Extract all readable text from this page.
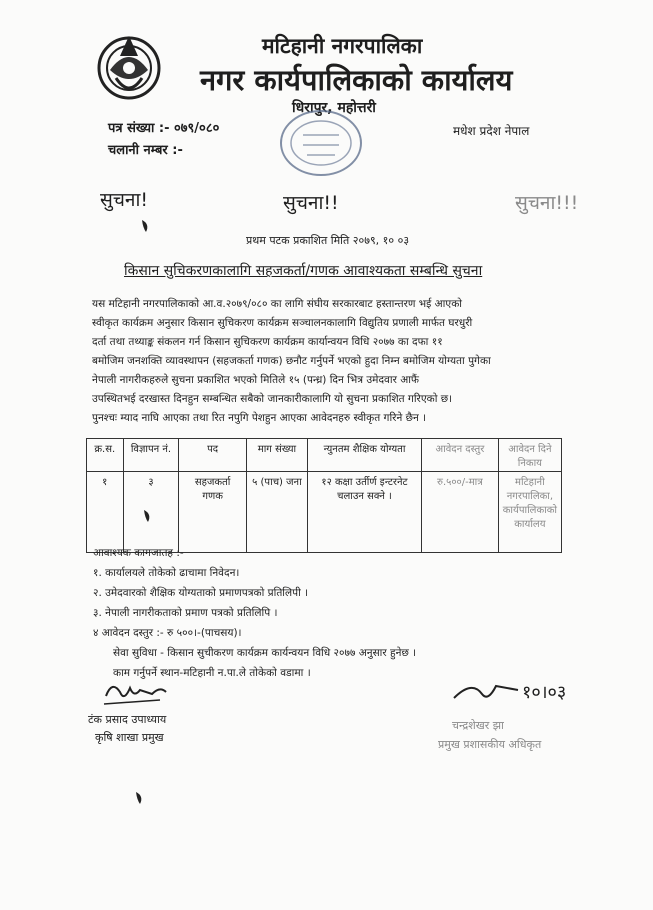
मटिहानी नगरपालिका
नगर कार्यपालिकाको कार्यालय
धिरापुर, महोत्तरी
मधेश प्रदेश नेपाल
पत्र संख्या :- ०७९/०८०
चलानी नम्बर :-
सुचना!	सुचना!!	सुचना!!!
प्रथम पटक प्रकाशित मिति २०७९, १० ०३
किसान सुचिकरणकालागि सहजकर्ता/गणक आवाश्यकता सम्बन्धि सुचना

यस मटिहानी नगरपालिकाको आ.व.२०७९/०८० का लागि संघीय सरकारबाट हस्तान्तरण भई आएको

स्वीकृत कार्यक्रम अनुसार किसान सुचिकरण कार्यक्रम सञ्चालनकालागि विद्युतिय प्रणाली मार्फत घरधुरी

दर्ता तथा तथ्याङ्क संकलन गर्न किसान सुचिकरण कार्यक्रम कार्यान्वयन विधि २०७७ का दफा ११

बमोजिम जनशक्ति व्यावस्थापन (सहजकर्ता गणक) छनौट गर्नुपर्ने भएको हुदा निम्न बमोजिम योग्यता पुगेका

नेपाली नागरीकहरुले सुचना प्रकाशित भएको मितिले १५ (पन्ध्र) दिन भित्र उमेदवार आफैं

उपस्थितभई दरखास्त दिनहुन सम्बन्धित सबैको जानकारीकालागि यो सुचना प्रकाशित गरिएको छ।

पुनश्चः म्याद नाघि आएका तथा रित नपुगि पेशहुन आएका आवेदनहरु स्वीकृत गरिने छैन ।

क्र.स.	विज्ञापन नं.	पद	माग संख्या	न्युनतम शैक्षिक योग्यता	आवेदन दस्तुर	आवेदन दिने निकाय
१	३	सहजकर्ता गणक	५ (पाच) जना	१२ कक्षा उर्तीर्ण इन्टरनेट चलाउन सक्ने ।	रु.५००/-मात्र	मटिहानी नगरपालिका, कार्यपालिकाको कार्यालय
आवाश्यक कागजातह :-
१. कार्यालयले तोकेको ढाचामा निवेदन।
२. उमेदवारको शैक्षिक योग्यताको प्रमाणपत्रको प्रतिलिपी ।
३. नेपाली नागरीकताको प्रमाण पत्रको प्रतिलिपि ।
४ आवेदन दस्तुर :- रु ५००।-(पाचसय)।
सेवा सुविधा - किसान सुचीकरण कार्यक्रम कार्यन्वयन विधि २०७७ अनुसार हुनेछ ।
काम गर्नुपर्ने स्थान-मटिहानी न.पा.ले तोकेको वडामा ।
टंक प्रसाद उपाध्याय
कृषि शाखा प्रमुख
१०।०३
चन्द्रशेखर झा
प्रमुख प्रशासकीय अधिकृत
